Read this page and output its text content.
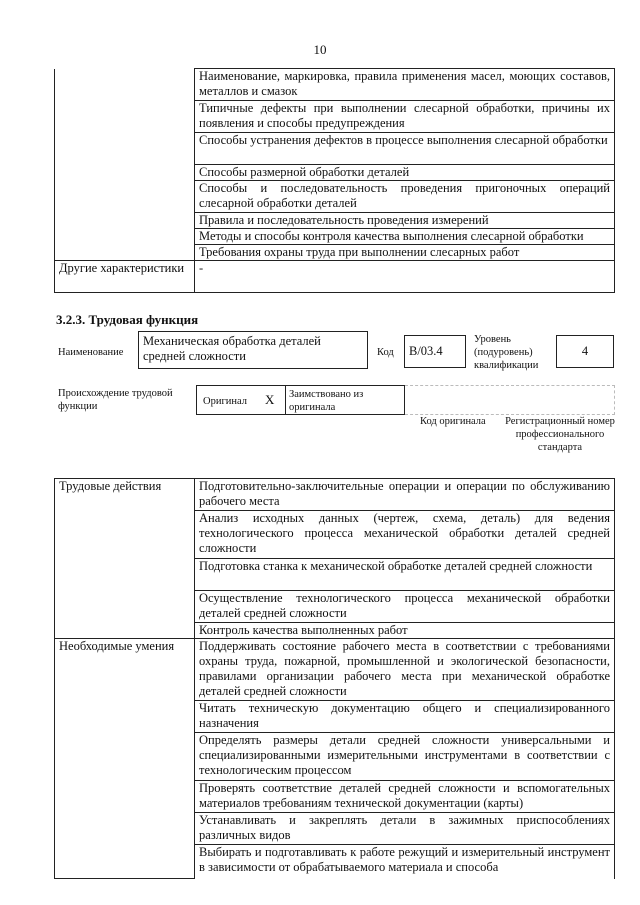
10
	Наименование, маркировка, правила применения масел, моющих составов, металлов и смазок
	Типичные дефекты при выполнении слесарной обработки, причины их появления и способы предупреждения
	Способы устранения дефектов в процессе выполнения слесарной обработки
	Способы размерной обработки деталей
	Способы и последовательность проведения пригоночных операций слесарной обработки деталей
	Правила и последовательность проведения измерений
	Методы и способы контроля качества выполнения слесарной обработки
	Требования охраны труда при выполнении слесарных работ
Другие характеристики	-
3.2.3. Трудовая функция
Наименование
Механическая обработка деталей средней сложности	Код	В/03.4
Уровень (подуровень) квалификации
4
Происхождение трудовой функции	Оригинал X Заимствовано из оригинала
Код оригинала Регистрационный номер профессионального стандарта
Трудовые действия	Подготовительно-заключительные операции и операции по обслуживанию рабочего места
	Анализ исходных данных (чертеж, схема, деталь) для ведения технологического процесса механической обработки деталей средней сложности
	Подготовка станка к механической обработке деталей средней сложности
	Осуществление технологического процесса механической обработки деталей средней сложности
	Контроль качества выполненных работ
Необходимые умения	Поддерживать состояние рабочего места в соответствии с требованиями охраны труда, пожарной, промышленной и экологической безопасности, правилами организации рабочего места при механической обработке деталей средней сложности
	Читать техническую документацию общего и специализированного назначения
	Определять размеры детали средней сложности универсальными и специализированными измерительными инструментами в соответствии с технологическим процессом
	Проверять соответствие деталей средней сложности и вспомогательных материалов требованиям технической документации (карты)
	Устанавливать и закреплять детали в зажимных приспособлениях различных видов
	Выбирать и подготавливать к работе режущий и измерительный инструмент в зависимости от обрабатываемого материала и способа
